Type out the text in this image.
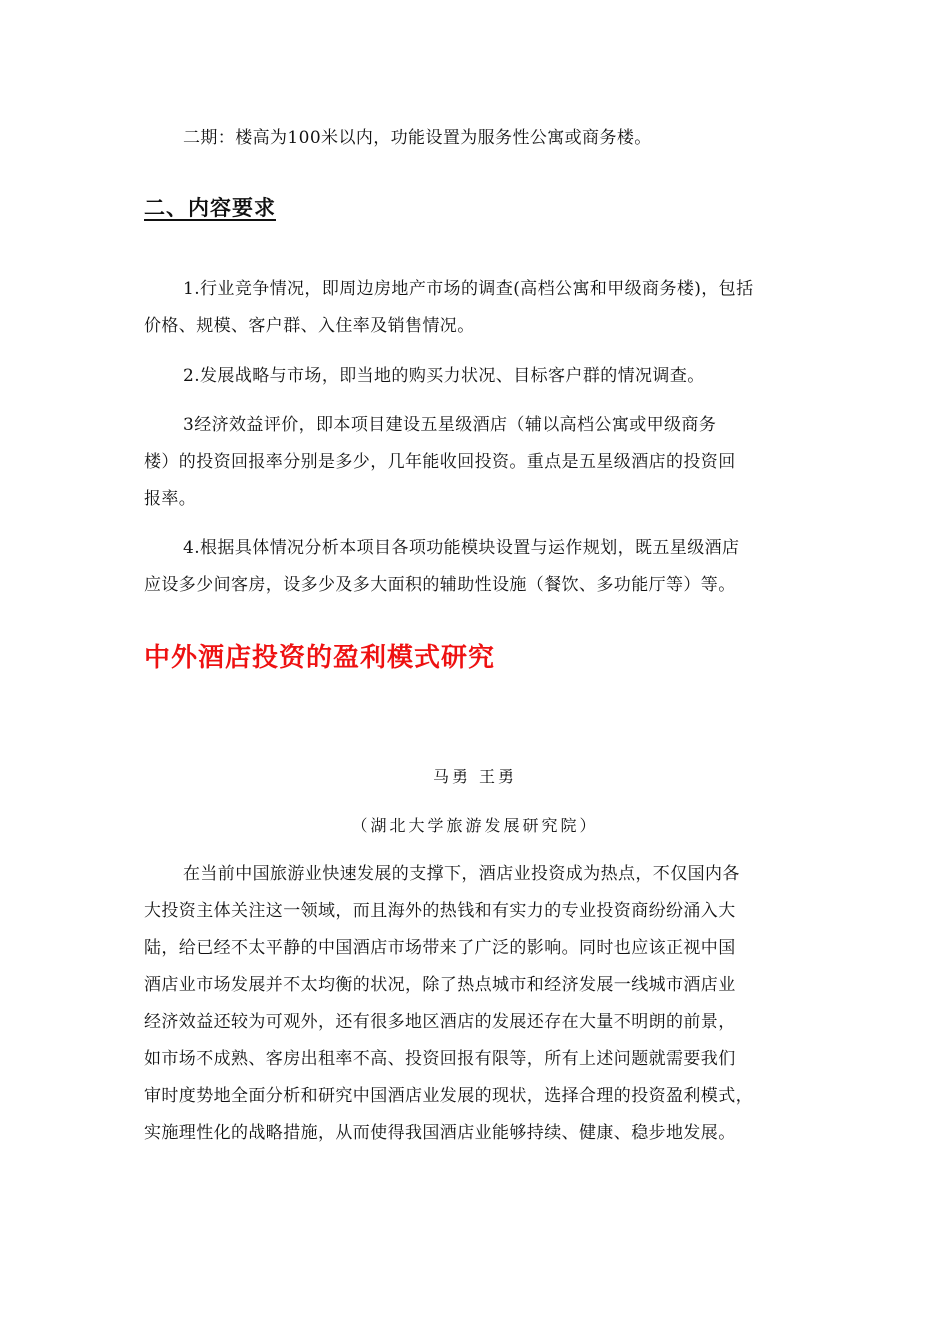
二期：楼高为100米以内，功能设置为服务性公寓或商务楼。
二、内容要求
1.行业竞争情况，即周边房地产市场的调查(高档公寓和甲级商务楼)，包括
价格、规模、客户群、入住率及销售情况。
2.发展战略与市场，即当地的购买力状况、目标客户群的情况调查。
3经济效益评价，即本项目建设五星级酒店（辅以高档公寓或甲级商务
楼）的投资回报率分别是多少，几年能收回投资。重点是五星级酒店的投资回
报率。
4.根据具体情况分析本项目各项功能模块设置与运作规划，既五星级酒店
应设多少间客房，设多少及多大面积的辅助性设施（餐饮、多功能厅等）等。
中外酒店投资的盈利模式研究
马勇 王勇
（湖北大学旅游发展研究院）
在当前中国旅游业快速发展的支撑下，酒店业投资成为热点，不仅国内各
大投资主体关注这一领域，而且海外的热钱和有实力的专业投资商纷纷涌入大
陆，给已经不太平静的中国酒店市场带来了广泛的影响。同时也应该正视中国
酒店业市场发展并不太均衡的状况，除了热点城市和经济发展一线城市酒店业
经济效益还较为可观外，还有很多地区酒店的发展还存在大量不明朗的前景，
如市场不成熟、客房出租率不高、投资回报有限等，所有上述问题就需要我们
审时度势地全面分析和研究中国酒店业发展的现状，选择合理的投资盈利模式，
实施理性化的战略措施，从而使得我国酒店业能够持续、健康、稳步地发展。
